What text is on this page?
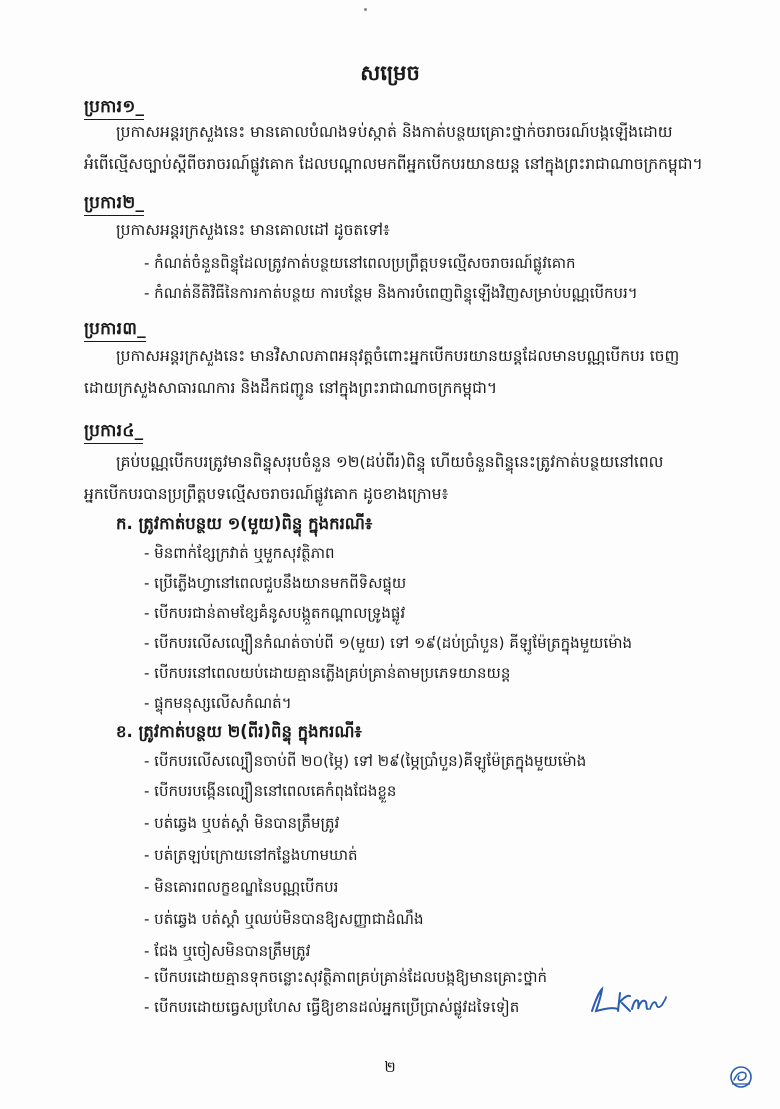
សម្រេច
ប្រការ១_
ប្រកាសអន្តរក្រសួងនេះ មានគោលបំណងទប់ស្កាត់ និងកាត់បន្ថយគ្រោះថ្នាក់ចរាចរណ៍បង្កឡើងដោយ
អំពើល្មើសច្បាប់ស្តីពីចរាចរណ៍ផ្លូវគោក ដែលបណ្តាលមកពីអ្នកបើកបរយានយន្ត នៅក្នុងព្រះរាជាណាចក្រកម្ពុជា។
ប្រការ២_
ប្រកាសអន្តរក្រសួងនេះ មានគោលដៅ ដូចតទៅ៖
- កំណត់ចំនួនពិន្ទុដែលត្រូវកាត់បន្ថយនៅពេលប្រព្រឹត្តបទល្មើសចរាចរណ៍ផ្លូវគោក
- កំណត់នីតិវិធីនៃការកាត់បន្ថយ ការបន្ថែម និងការបំពេញពិន្ទុឡើងវិញសម្រាប់បណ្ណបើកបរ។
ប្រការ៣_
ប្រកាសអន្តរក្រសួងនេះ មានវិសាលភាពអនុវត្តចំពោះអ្នកបើកបរយានយន្តដែលមានបណ្ណបើកបរ ចេញ
ដោយក្រសួងសាធារណការ និងដឹកជញ្ជូន នៅក្នុងព្រះរាជាណាចក្រកម្ពុជា។
ប្រការ៤_
គ្រប់បណ្ណបើកបរត្រូវមានពិន្ទុសរុបចំនួន ១២(ដប់ពីរ)ពិន្ទុ ហើយចំនួនពិន្ទុនេះត្រូវកាត់បន្ថយនៅពេល
អ្នកបើកបរបានប្រព្រឹត្តបទល្មើសចរាចរណ៍ផ្លូវគោក ដូចខាងក្រោម៖
ក. ត្រូវកាត់បន្ថយ ១(មួយ)ពិន្ទុ ក្នុងករណី៖
- មិនពាក់ខ្សែក្រវាត់ ឬមួកសុវត្ថិភាព
- ប្រើភ្លើងហ្វានៅពេលជួបនឹងយានមកពីទិសផ្ទុយ
- បើកបរជាន់តាមខ្សែគំនូសបង្កួតកណ្តាលទ្រូងផ្លូវ
- បើកបរលើសល្បឿនកំណត់ចាប់ពី ១(មួយ) ទៅ ១៩(ដប់ប្រាំបួន) គីឡូម៉ែត្រក្នុងមួយម៉ោង
- បើកបរនៅពេលយប់ដោយគ្មានភ្លើងគ្រប់គ្រាន់តាមប្រភេទយានយន្ត
- ផ្ទុកមនុស្សលើសកំណត់។
ខ. ត្រូវកាត់បន្ថយ ២(ពីរ)ពិន្ទុ ក្នុងករណី៖
- បើកបរលើសល្បឿនចាប់ពី ២០(ម្ភៃ) ទៅ ២៩(ម្ភៃប្រាំបួន)គីឡូម៉ែត្រក្នុងមួយម៉ោង
- បើកបរបង្កើនល្បឿននៅពេលគេកំពុងជែងខ្លួន
- បត់ឆ្វេង ឬបត់ស្តាំ មិនបានត្រឹមត្រូវ
- បត់ត្រឡប់ក្រោយនៅកន្លែងហាមឃាត់
- មិនគោរពលក្ខខណ្ឌនៃបណ្ណបើកបរ
- បត់ឆ្វេង បត់ស្តាំ ឬឈប់មិនបានឱ្យសញ្ញាជាដំណឹង
- ជែង ឬចៀសមិនបានត្រឹមត្រូវ
- បើកបរដោយគ្មានទុកចន្លោះសុវត្ថិភាពគ្រប់គ្រាន់ដែលបង្កឱ្យមានគ្រោះថ្នាក់
- បើកបរដោយធ្វេសប្រហែស ធ្វើឱ្យខានដល់អ្នកប្រើប្រាស់ផ្លូវដទៃទៀត
២
